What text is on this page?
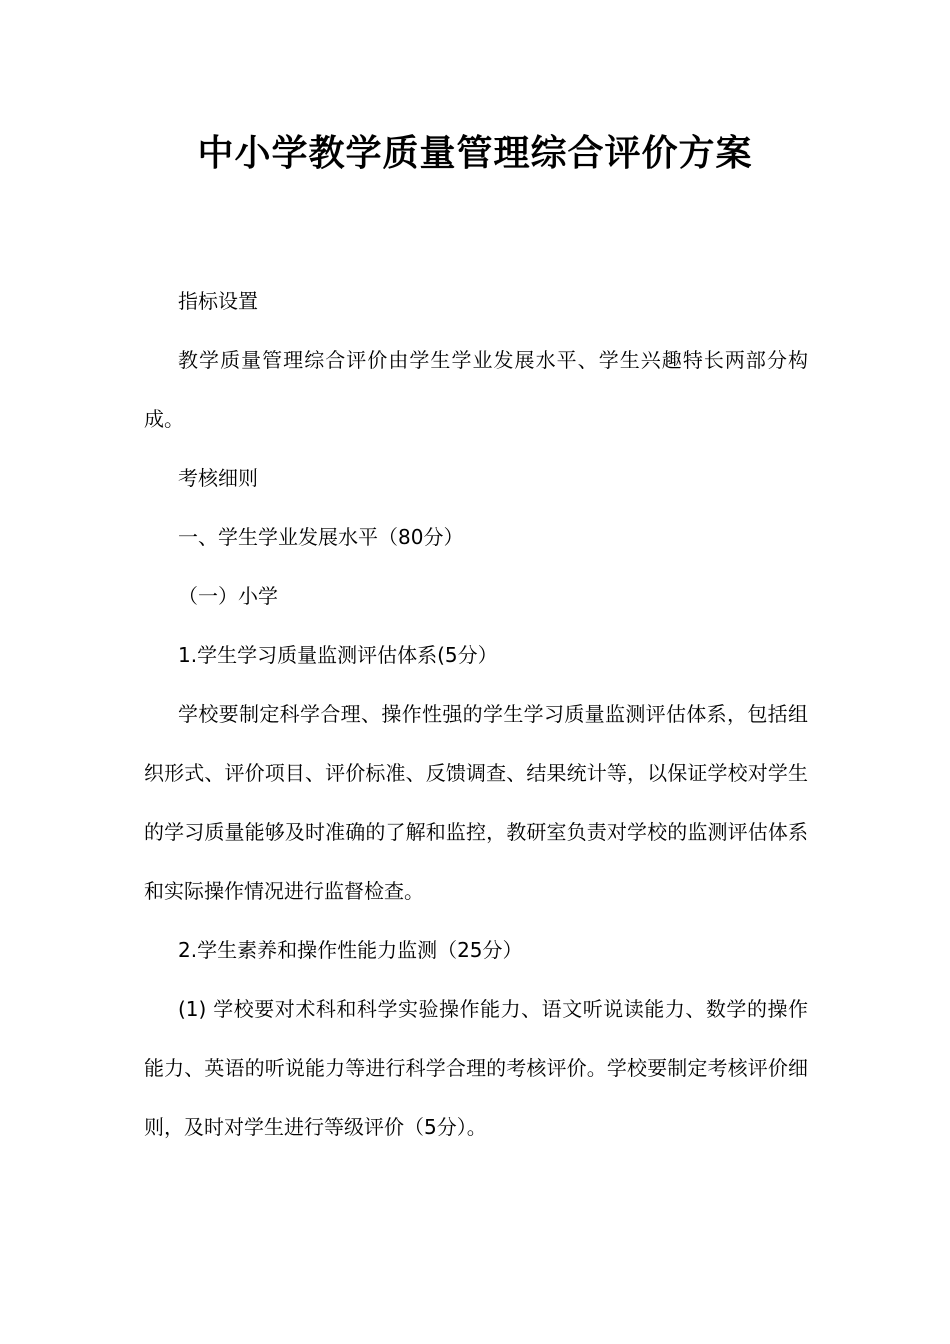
中小学教学质量管理综合评价方案

指标设置

教学质量管理综合评价由学生学业发展水平、学生兴趣特长两部分构成。

考核细则

一、学生学业发展水平（80分）

（一）小学

1.学生学习质量监测评估体系(5分）

学校要制定科学合理、操作性强的学生学习质量监测评估体系，包括组织形式、评价项目、评价标准、反馈调查、结果统计等，以保证学校对学生的学习质量能够及时准确的了解和监控，教研室负责对学校的监测评估体系和实际操作情况进行监督检查。

2.学生素养和操作性能力监测（25分）

(1) 学校要对术科和科学实验操作能力、语文听说读能力、数学的操作能力、英语的听说能力等进行科学合理的考核评价。学校要制定考核评价细则，及时对学生进行等级评价（5分）。
